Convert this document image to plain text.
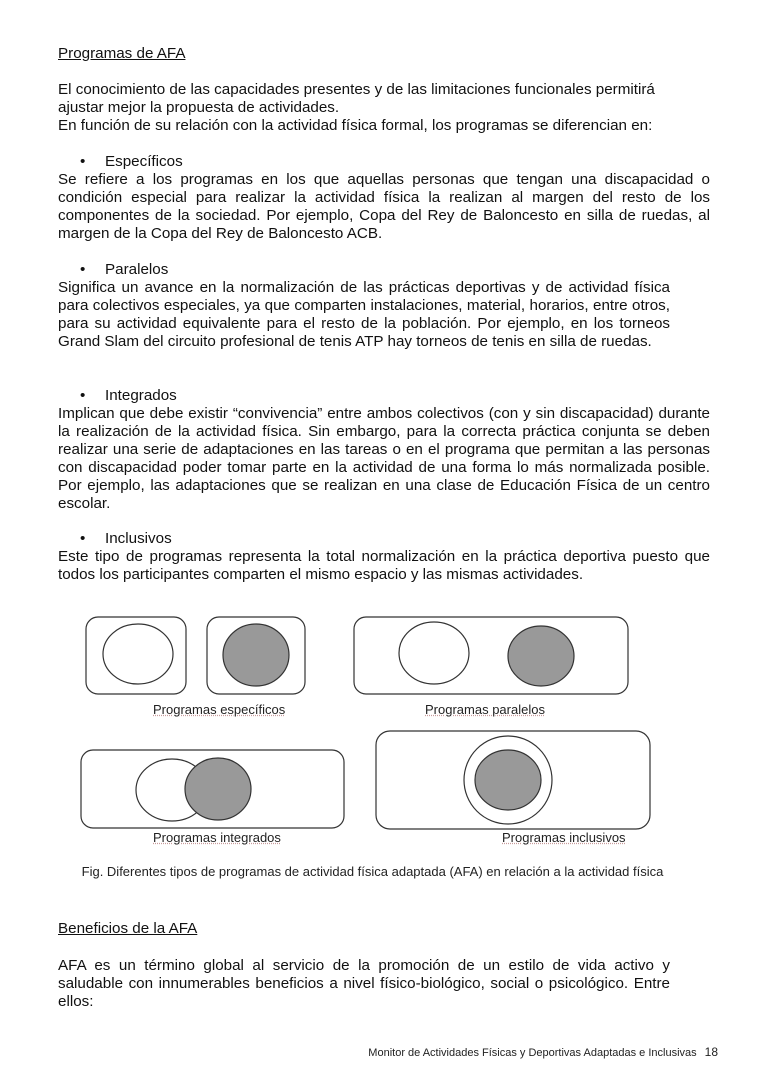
Programas de AFA

El conocimiento de las capacidades presentes y de las limitaciones funcionales permitirá ajustar mejor la propuesta de actividades.

En función de su relación con la actividad física formal, los programas se diferencian en:

• Específicos

Se refiere a los programas en los que aquellas personas que tengan una discapacidad o condición especial para realizar la actividad física la realizan al margen del resto de los componentes de la sociedad. Por ejemplo, Copa del Rey de Baloncesto en silla de ruedas, al margen de la Copa del Rey de Baloncesto ACB.

• Paralelos

Significa un avance en la normalización de las prácticas deportivas y de actividad física para colectivos especiales, ya que comparten instalaciones, material, horarios, entre otros, para su actividad equivalente para el resto de la población. Por ejemplo, en los torneos Grand Slam del circuito profesional de tenis ATP hay torneos de tenis en silla de ruedas.

• Integrados

Implican que debe existir “convivencia” entre ambos colectivos (con y sin discapacidad) durante la realización de la actividad física. Sin embargo, para la correcta práctica conjunta se deben realizar una serie de adaptaciones en las tareas o en el programa que permitan a las personas con discapacidad poder tomar parte en la actividad de una forma lo más normalizada posible. Por ejemplo, las adaptaciones que se realizan en una clase de Educación Física de un centro escolar.

• Inclusivos

Este tipo de programas representa la total normalización en la práctica deportiva puesto que todos los participantes comparten el mismo espacio y las mismas actividades.

Programas específicos	Programas paralelos
Programas integrados	Programas inclusivos

Fig. Diferentes tipos de programas de actividad física adaptada (AFA) en relación a la actividad física

Beneficios de la AFA

AFA es un término global al servicio de la promoción de un estilo de vida activo y saludable con innumerables beneficios a nivel físico-biológico, social o psicológico. Entre ellos:

Monitor de Actividades Físicas y Deportivas Adaptadas e Inclusivas 18
